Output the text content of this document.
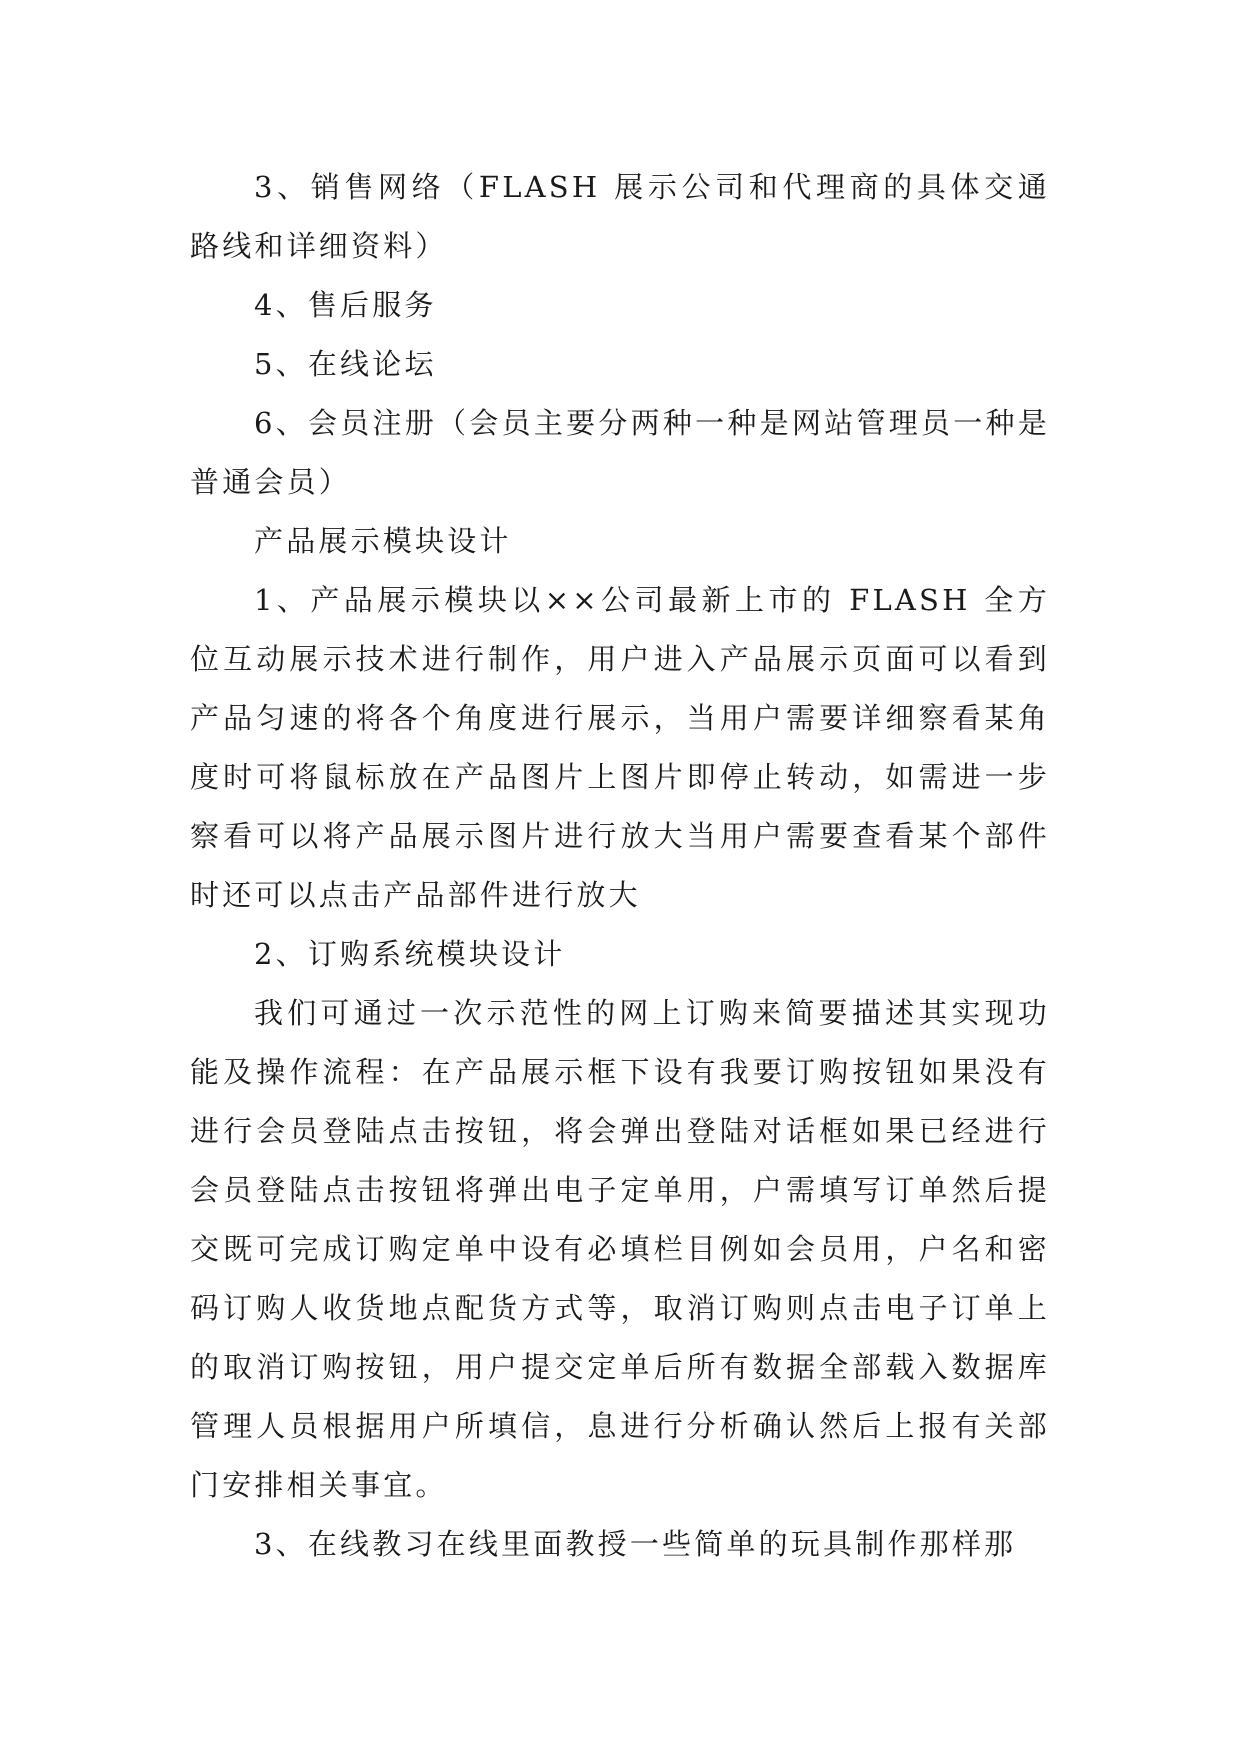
3、销售网络（FLASH 展示公司和代理商的具体交通路线和详细资料）

4、售后服务

5、在线论坛

6、会员注册（会员主要分两种一种是网站管理员一种是普通会员）

产品展示模块设计

1、产品展示模块以××公司最新上市的 FLASH 全方位互动展示技术进行制作，用户进入产品展示页面可以看到产品匀速的将各个角度进行展示，当用户需要详细察看某角度时可将鼠标放在产品图片上图片即停止转动，如需进一步察看可以将产品展示图片进行放大当用户需要查看某个部件时还可以点击产品部件进行放大

2、订购系统模块设计

我们可通过一次示范性的网上订购来简要描述其实现功能及操作流程：在产品展示框下设有我要订购按钮如果没有进行会员登陆点击按钮，将会弹出登陆对话框如果已经进行会员登陆点击按钮将弹出电子定单用，户需填写订单然后提交既可完成订购定单中设有必填栏目例如会员用，户名和密码订购人收货地点配货方式等，取消订购则点击电子订单上的取消订购按钮，用户提交定单后所有数据全部载入数据库管理人员根据用户所填信，息进行分析确认然后上报有关部门安排相关事宜。

3、在线教习在线里面教授一些简单的玩具制作那样那
